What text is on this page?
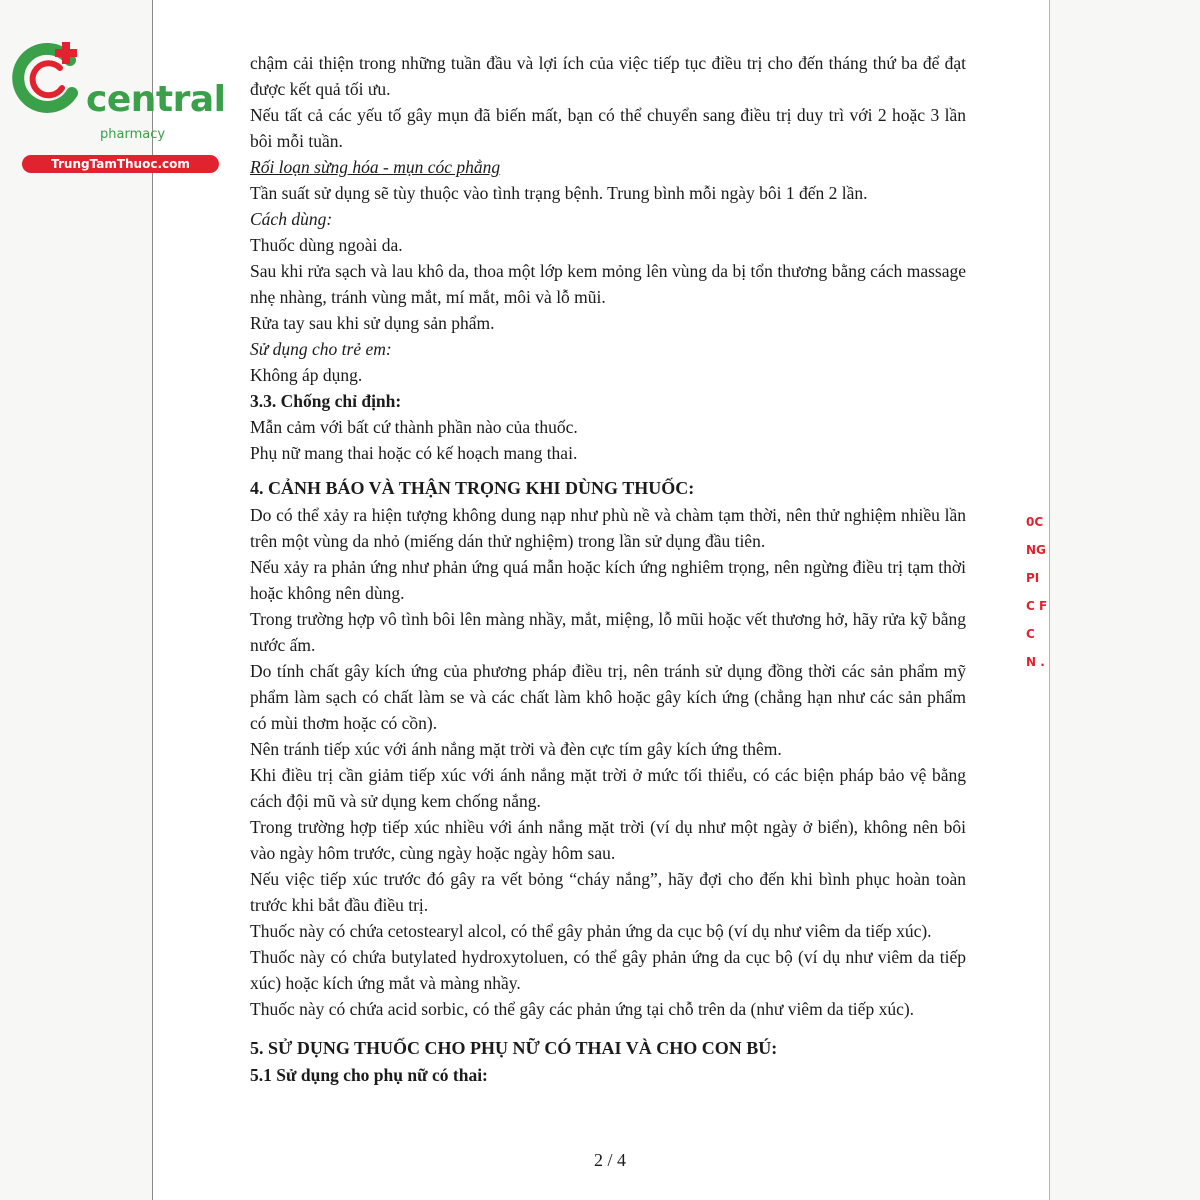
central
pharmacy
TrungTamThuoc.com

chậm cải thiện trong những tuần đầu và lợi ích của việc tiếp tục điều trị cho đến tháng thứ ba để đạt được kết quả tối ưu.

Nếu tất cả các yếu tố gây mụn đã biến mất, bạn có thể chuyển sang điều trị duy trì với 2 hoặc 3 lần bôi mỗi tuần.

Rối loạn sừng hóa - mụn cóc phẳng

Tần suất sử dụng sẽ tùy thuộc vào tình trạng bệnh. Trung bình mỗi ngày bôi 1 đến 2 lần.

Cách dùng:

Thuốc dùng ngoài da.

Sau khi rửa sạch và lau khô da, thoa một lớp kem mỏng lên vùng da bị tổn thương bằng cách massage nhẹ nhàng, tránh vùng mắt, mí mắt, môi và lỗ mũi.

Rửa tay sau khi sử dụng sản phẩm.

Sử dụng cho trẻ em:

Không áp dụng.

3.3. Chống chỉ định:

Mẫn cảm với bất cứ thành phần nào của thuốc.

Phụ nữ mang thai hoặc có kế hoạch mang thai.

4. CẢNH BÁO VÀ THẬN TRỌNG KHI DÙNG THUỐC:

Do có thể xảy ra hiện tượng không dung nạp như phù nề và chàm tạm thời, nên thử nghiệm nhiều lần trên một vùng da nhỏ (miếng dán thử nghiệm) trong lần sử dụng đầu tiên.

Nếu xảy ra phản ứng như phản ứng quá mẫn hoặc kích ứng nghiêm trọng, nên ngừng điều trị tạm thời hoặc không nên dùng.

Trong trường hợp vô tình bôi lên màng nhầy, mắt, miệng, lỗ mũi hoặc vết thương hở, hãy rửa kỹ bằng nước ấm.

Do tính chất gây kích ứng của phương pháp điều trị, nên tránh sử dụng đồng thời các sản phẩm mỹ phẩm làm sạch có chất làm se và các chất làm khô hoặc gây kích ứng (chẳng hạn như các sản phẩm có mùi thơm hoặc có cồn).

Nên tránh tiếp xúc với ánh nắng mặt trời và đèn cực tím gây kích ứng thêm.

Khi điều trị cần giảm tiếp xúc với ánh nắng mặt trời ở mức tối thiểu, có các biện pháp bảo vệ bằng cách đội mũ và sử dụng kem chống nắng.

Trong trường hợp tiếp xúc nhiều với ánh nắng mặt trời (ví dụ như một ngày ở biển), không nên bôi vào ngày hôm trước, cùng ngày hoặc ngày hôm sau.

Nếu việc tiếp xúc trước đó gây ra vết bỏng “cháy nắng”, hãy đợi cho đến khi bình phục hoàn toàn trước khi bắt đầu điều trị.

Thuốc này có chứa cetostearyl alcol, có thể gây phản ứng da cục bộ (ví dụ như viêm da tiếp xúc).

Thuốc này có chứa butylated hydroxytoluen, có thể gây phản ứng da cục bộ (ví dụ như viêm da tiếp xúc) hoặc kích ứng mắt và màng nhầy.

Thuốc này có chứa acid sorbic, có thể gây các phản ứng tại chỗ trên da (như viêm da tiếp xúc).

5. SỬ DỤNG THUỐC CHO PHỤ NỮ CÓ THAI VÀ CHO CON BÚ:

5.1 Sử dụng cho phụ nữ có thai:

2 / 4
0C
NG
PI
C F
C
N .
